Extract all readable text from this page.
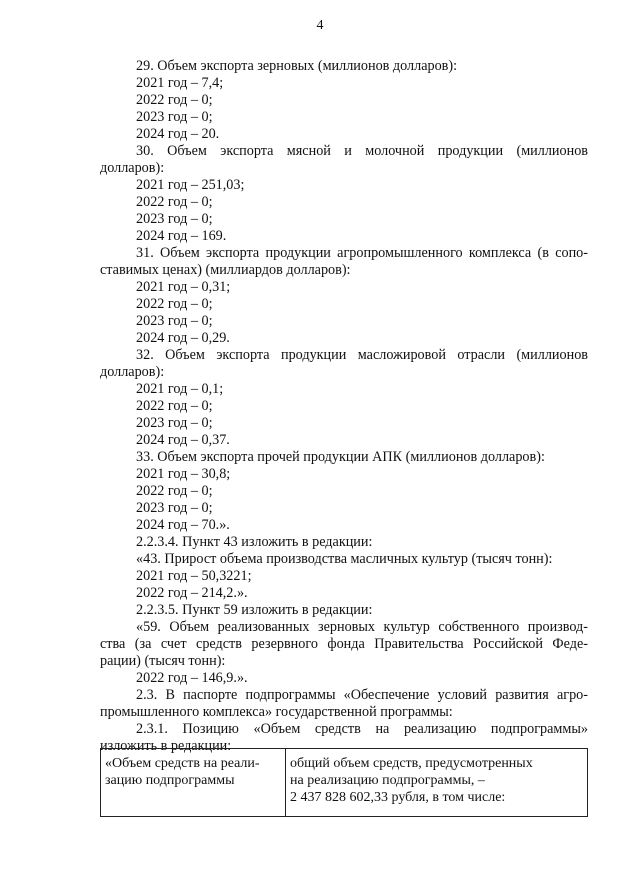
4
29. Объем экспорта зерновых (миллионов долларов):
2021 год – 7,4;
2022 год – 0;
2023 год – 0;
2024 год – 20.
30. Объем экспорта мясной и молочной продукции (миллионов
долларов):
2021 год – 251,03;
2022 год – 0;
2023 год – 0;
2024 год – 169.
31. Объем экспорта продукции агропромышленного комплекса (в сопо-
ставимых ценах) (миллиардов долларов):
2021 год – 0,31;
2022 год – 0;
2023 год – 0;
2024 год – 0,29.
32. Объем экспорта продукции масложировой отрасли (миллионов
долларов):
2021 год – 0,1;
2022 год – 0;
2023 год – 0;
2024 год – 0,37.
33. Объем экспорта прочей продукции АПК (миллионов долларов):
2021 год – 30,8;
2022 год – 0;
2023 год – 0;
2024 год – 70.».
2.2.3.4. Пункт 43 изложить в редакции:
«43. Прирост объема производства масличных культур (тысяч тонн):
2021 год – 50,3221;
2022 год – 214,2.».
2.2.3.5. Пункт 59 изложить в редакции:
«59. Объем реализованных зерновых культур собственного производ-
ства (за счет средств резервного фонда Правительства Российской Феде-
рации) (тысяч тонн):
2022 год – 146,9.».
2.3. В паспорте подпрограммы «Обеспечение условий развития агро-
промышленного комплекса» государственной программы:
2.3.1. Позицию «Объем средств на реализацию подпрограммы»
изложить в редакции:
«Объем средств на реали-
зацию подпрограммы
общий объем средств, предусмотренных
на реализацию подпрограммы, –
2 437 828 602,33 рубля, в том числе:
